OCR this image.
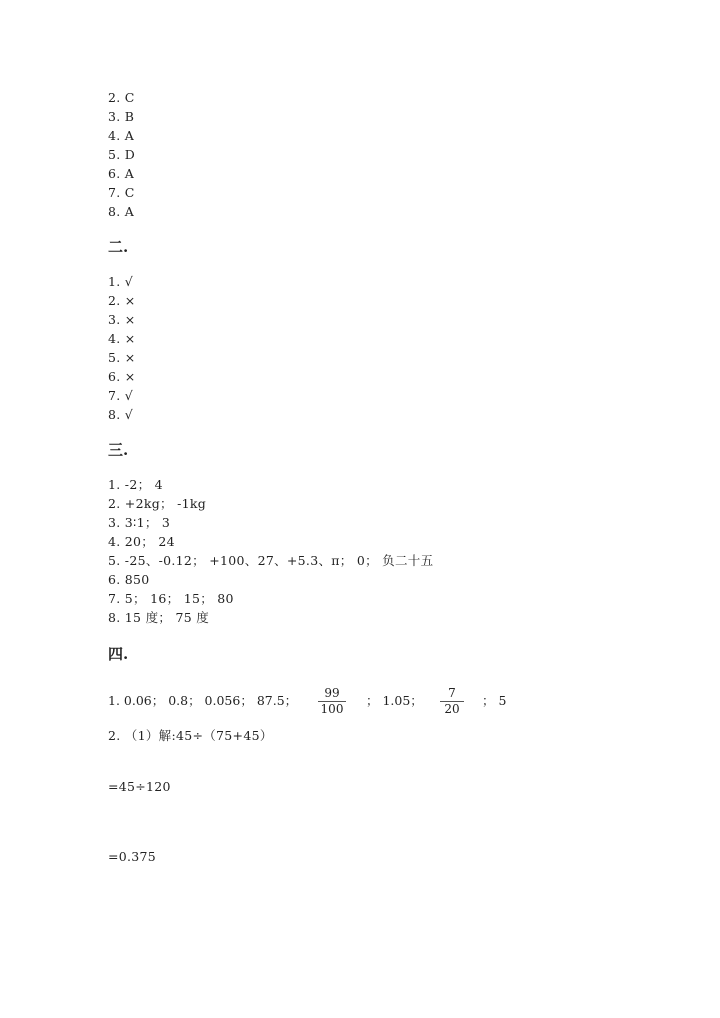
2. C
3. B
4. A
5. D
6. A
7. C
8. A
二.
1. √
2. ×
3. ×
4. ×
5. ×
6. ×
7. √
8. √
三.
1. -2； 4
2. +2kg； -1kg
3. 3∶1； 3
4. 20； 24
5. -25、-0.12； +100、27、+5.3、π； 0； 负二十五
6. 850
7. 5； 16； 15； 80
8. 15 度； 75 度
四.
1. 0.06； 0.8； 0.056； 87.5；	99
100
； 1.05；	7
20
； 5
2. （1）解:45÷（75+45）
=45÷120
=0.375
